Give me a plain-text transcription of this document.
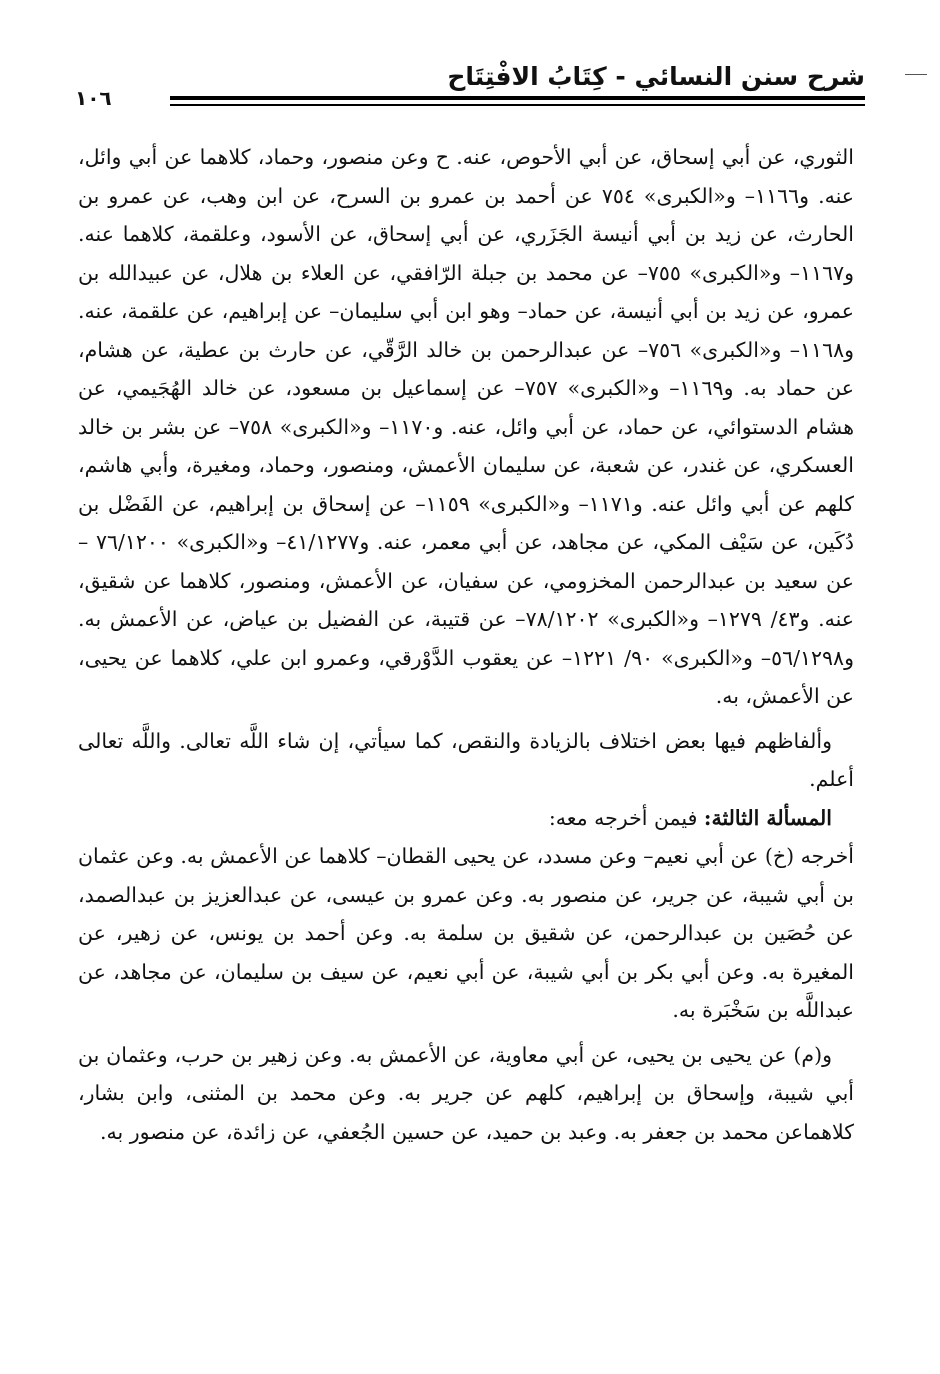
شرح سنن النسائي - كِتَابُ الافْتِتَاح
١٠٦

الثوري، عن أبي إسحاق، عن أبي الأحوص، عنه. ح وعن منصور، وحماد، كلاهما عن أبي وائل، عنه. و١١٦٦– و«الكبرى» ٧٥٤ عن أحمد بن عمرو بن السرح، عن ابن وهب، عن عمرو بن الحارث، عن زيد بن أبي أنيسة الجَزَري، عن أبي إسحاق، عن الأسود، وعلقمة، كلاهما عنه. و١١٦٧– و«الكبرى» ٧٥٥– عن محمد بن جبلة الرّافقي، عن العلاء بن هلال، عن عبيدالله بن عمرو، عن زيد بن أبي أنيسة، عن حماد– وهو ابن أبي سليمان– عن إبراهيم، عن علقمة، عنه. و١١٦٨– و«الكبرى» ٧٥٦– عن عبدالرحمن بن خالد الرَّقّي، عن حارث بن عطية، عن هشام، عن حماد به. و١١٦٩– و«الكبرى» ٧٥٧– عن إسماعيل بن مسعود، عن خالد الهُجَيمي، عن هشام الدستوائي، عن حماد، عن أبي وائل، عنه. و١١٧٠– و«الكبرى» ٧٥٨– عن بشر بن خالد العسكري، عن غندر، عن شعبة، عن سليمان الأعمش، ومنصور، وحماد، ومغيرة، وأبي هاشم، كلهم عن أبي وائل عنه. و١١٧١– و«الكبرى» ١١٥٩– عن إسحاق بن إبراهيم، عن الفَضْل بن دُكَين، عن سَيْف المكي، عن مجاهد، عن أبي معمر، عنه. و٤١/١٢٧٧– و«الكبرى» ٧٦/١٢٠٠ – عن سعيد بن عبدالرحمن المخزومي، عن سفيان، عن الأعمش، ومنصور، كلاهما عن شقيق، عنه. و٤٣/ ١٢٧٩– و«الكبرى» ٧٨/١٢٠٢– عن قتيبة، عن الفضيل بن عياض، عن الأعمش به. و٥٦/١٢٩٨– و«الكبرى» ٩٠/ ١٢٢١– عن يعقوب الدَّوْرقي، وعمرو ابن علي، كلاهما عن يحيى، عن الأعمش، به.

وألفاظهم فيها بعض اختلاف بالزيادة والنقص، كما سيأتي، إن شاء اللَّه تعالى. واللَّه تعالى أعلم.

المسألة الثالثة: فيمن أخرجه معه:

أخرجه (خ) عن أبي نعيم– وعن مسدد، عن يحيى القطان– كلاهما عن الأعمش به. وعن عثمان بن أبي شيبة، عن جرير، عن منصور به. وعن عمرو بن عيسى، عن عبدالعزيز بن عبدالصمد، عن حُصَين بن عبدالرحمن، عن شقيق بن سلمة به. وعن أحمد بن يونس، عن زهير، عن المغيرة به. وعن أبي بكر بن أبي شيبة، عن أبي نعيم، عن سيف بن سليمان، عن مجاهد، عن عبداللَّه بن سَخْبَرة به.

و(م) عن يحيى بن يحيى، عن أبي معاوية، عن الأعمش به. وعن زهير بن حرب، وعثمان بن أبي شيبة، وإسحاق بن إبراهيم، كلهم عن جرير به. وعن محمد بن المثنى، وابن بشار، كلاهماعن محمد بن جعفر به. وعبد بن حميد، عن حسين الجُعفي، عن زائدة، عن منصور به.
